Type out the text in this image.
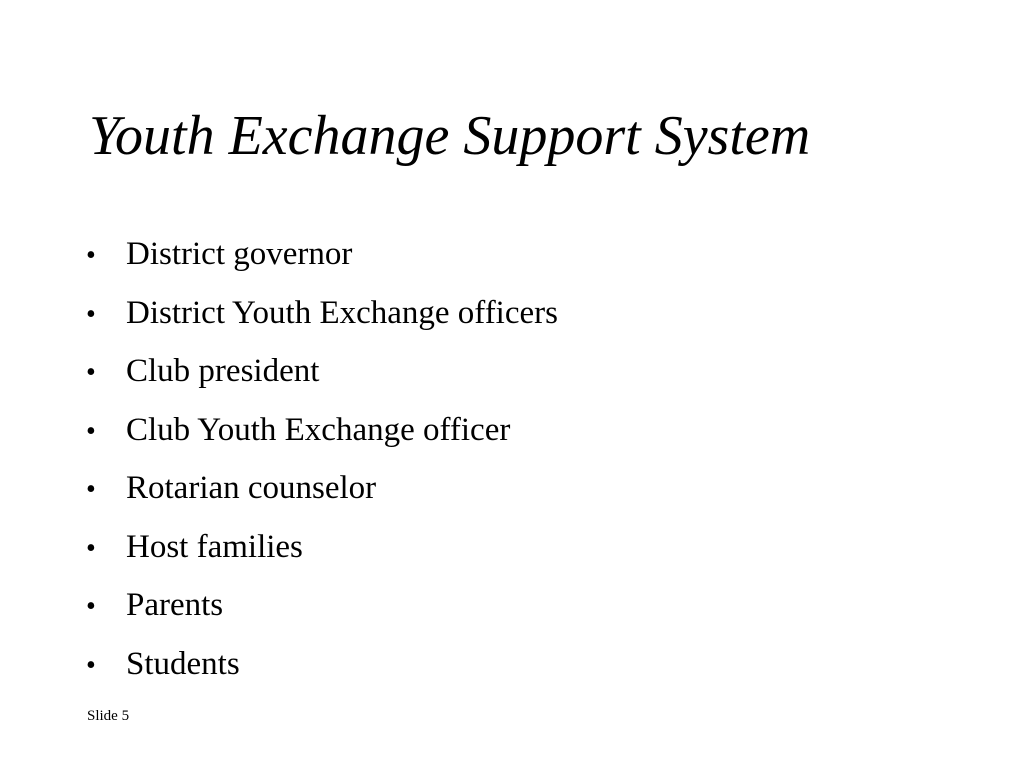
Youth Exchange Support System
• District governor
• District Youth Exchange officers
• Club president
• Club Youth Exchange officer
• Rotarian counselor
• Host families
• Parents
• Students
Slide 5
